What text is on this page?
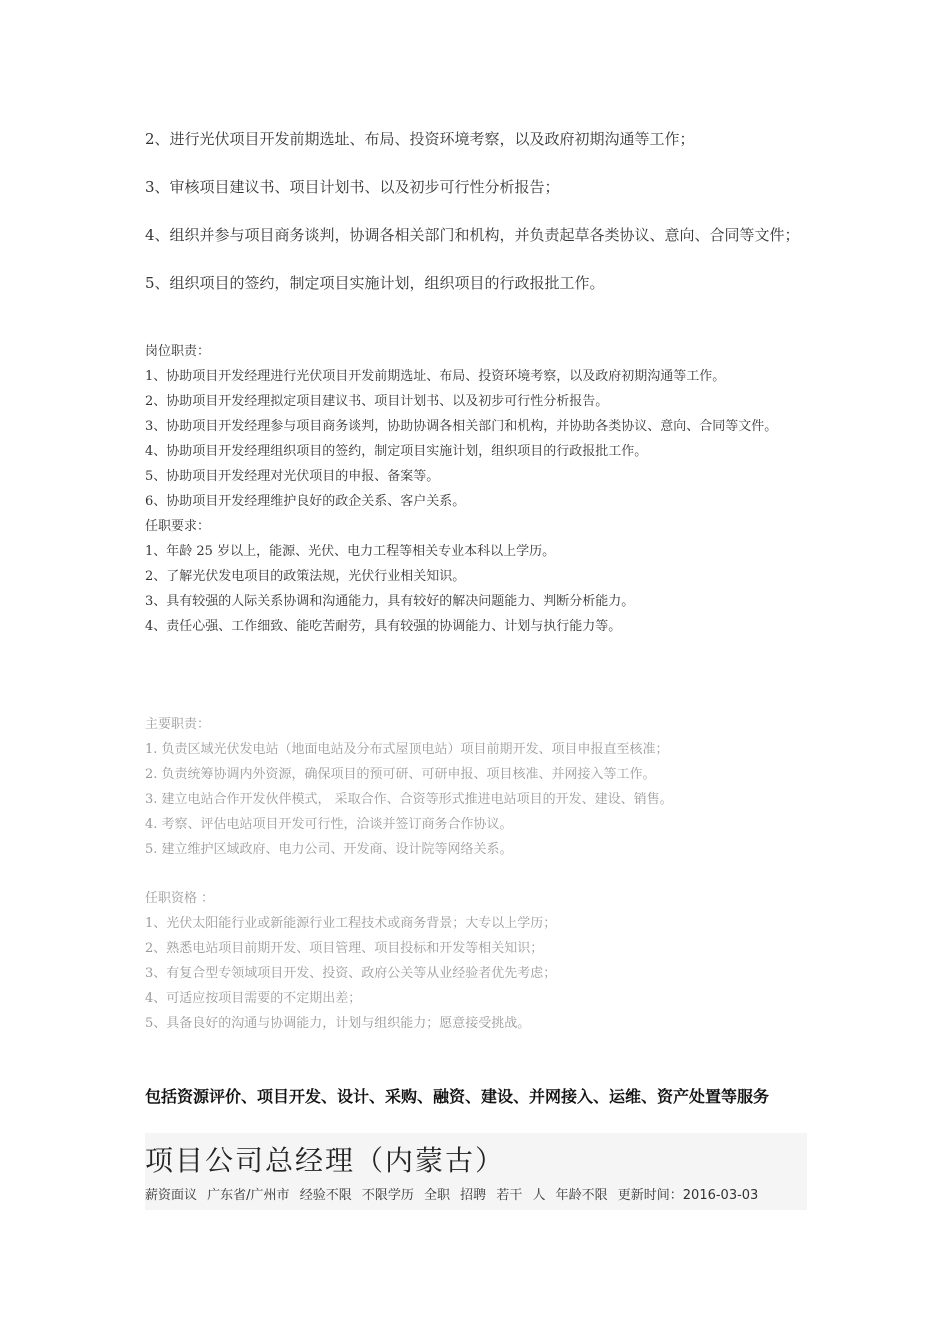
2、进行光伏项目开发前期选址、布局、投资环境考察，以及政府初期沟通等工作；

3、审核项目建议书、项目计划书、以及初步可行性分析报告；

4、组织并参与项目商务谈判，协调各相关部门和机构，并负责起草各类协议、意向、合同等文件；

5、组织项目的签约，制定项目实施计划，组织项目的行政报批工作。

岗位职责：

1、协助项目开发经理进行光伏项目开发前期选址、布局、投资环境考察，以及政府初期沟通等工作。

2、协助项目开发经理拟定项目建议书、项目计划书、以及初步可行性分析报告。

3、协助项目开发经理参与项目商务谈判，协助协调各相关部门和机构，并协助各类协议、意向、合同等文件。

4、协助项目开发经理组织项目的签约，制定项目实施计划，组织项目的行政报批工作。

5、协助项目开发经理对光伏项目的申报、备案等。

6、协助项目开发经理维护良好的政企关系、客户关系。

任职要求：

1、年龄 25 岁以上，能源、光伏、电力工程等相关专业本科以上学历。

2、了解光伏发电项目的政策法规，光伏行业相关知识。

3、具有较强的人际关系协调和沟通能力，具有较好的解决问题能力、判断分析能力。

4、责任心强、工作细致、能吃苦耐劳，具有较强的协调能力、计划与执行能力等。

主要职责：

1. 负责区域光伏发电站（地面电站及分布式屋顶电站）项目前期开发、项目申报直至核准；

2. 负责统筹协调内外资源，确保项目的预可研、可研申报、项目核准、并网接入等工作。

3. 建立电站合作开发伙伴模式， 采取合作、合资等形式推进电站项目的开发、建设、销售。

4. 考察、评估电站项目开发可行性，洽谈并签订商务合作协议。

5. 建立维护区域政府、电力公司、开发商、设计院等网络关系。

任职资格 ：

1、光伏太阳能行业或新能源行业工程技术或商务背景；大专以上学历；

2、熟悉电站项目前期开发、项目管理、项目投标和开发等相关知识；

3、有复合型专领域项目开发、投资、政府公关等从业经验者优先考虑；

4、可适应按项目需要的不定期出差；

5、具备良好的沟通与协调能力，计划与组织能力；愿意接受挑战。

包括资源评价、项目开发、设计、采购、融资、建设、并网接入、运维、资产处置等服务

项目公司总经理（内蒙古）
薪资面议 广东省/广州市 经验不限 不限学历 全职 招聘 若干 人 年龄不限 更新时间：2016-03-03
